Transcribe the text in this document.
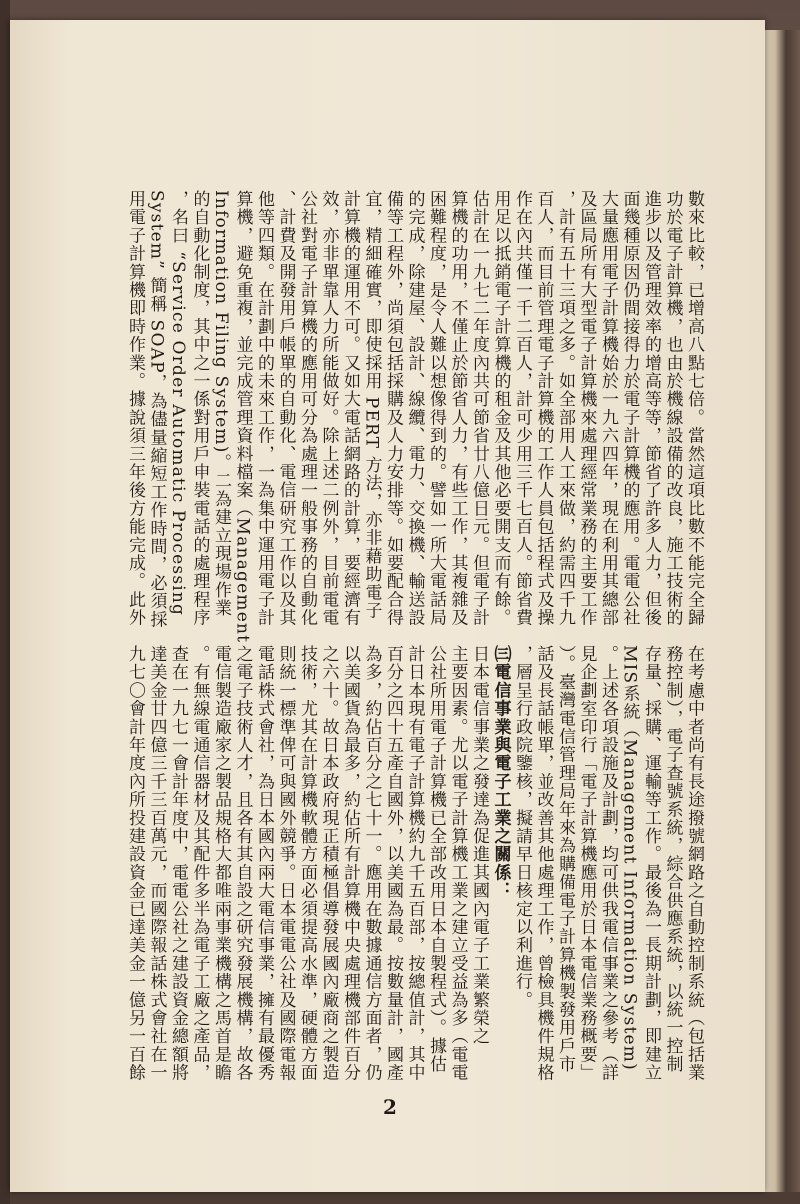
數來比較，已增高八點七倍。當然這項比數不能完全歸
功於電子計算機，也由於機線設備的改良，施工技術的
進步以及管理效率的增高等等，節省了許多人力，但後
面幾種原因仍間接得力於電子計算機的應用。電電公社
大量應用電子計算機始於一九六四年，現在利用其總部
及區局所有大型電子計算機來處理經常業務的主要工作
，計有五十三項之多。如全部用人工來做，約需四千九
百人，而目前管理電子計算機的工作人員包括程式及操
作在內共僅一千二百人，計可少用三千七百人。節省費
用足以抵銷電子計算機的租金及其他必要開支而有餘。
估計在一九七二年度內共可節省廿八億日元。但電子計
算機的功用，不僅止於節省人力，有些工作，其複雜及
困難程度，是令人難以想像得到的。譬如一所大電話局
的完成，除建屋、設計、線纜、電力、交換機、輸送設
備等工程外，尚須包括採購及人力安排等。如要配合得
宜，精細確實，即使採用 PERT 方法，亦非藉助電子
計算機的運用不可。又如大電話網路的計算，要經濟有
效，亦非單靠人力所能做好。除上述二例外，目前電電
公社對電子計算機的應用可分為處理一般事務的自動化
、計費及開發用戶帳單的自動化、電信研究工作以及其
他等四類。在計劃中的未來工作，一為集中運用電子計
算機，避免重複，並完成管理資料檔案（Management
Information Filing System)。二為建立現場作業
的自動化制度，其中之一係對用戶申裝電話的處理程序
，名曰 “Service Order Automatic Processing
System” 簡稱 SOAP，為儘量縮短工作時間，必須採
用電子計算機即時作業。據說須三年後方能完成。此外
在考慮中者尚有長途撥號網路之自動控制系統（包括業
務控制），電子查號系統，綜合供應系統，以統一控制
存量、採購、運輸等工作。最後為一長期計劃，即建立
MIS系統（Management Information System)
。上述各項設施及計劃，均可供我電信事業之參考（詳
見企劃室印行「電子計算機應用於日本電信業務概要」
）。臺灣電信管理局年來為購備電子計算機製發用戶市
話及長話帳單，並改善其他處理工作，曾檢具機件規格
，層呈行政院鑒核，擬請早日核定以利進行。
㈢電信事業與電子工業之關係：
日本電信事業之發達為促進其國內電子工業繁榮之
主要因素。尤以電子計算機工業之建立受益為多（電電
公社所用電子計算機已全部改用日本自製程式）。據估
計日本現有電子計算機約九千五百部，按總值計，其中
百分之四十五產自國外，以美國為最。按數量計，國產
為多，約佔百分之七十一。應用在數據通信方面者，仍
以美國貨為最多，約佔所有計算機中央處理機部件百分
之六十。故日本政府現正積極倡導發展國內廠商之製造
技術，尤其在計算機軟體方面必須提高水準，硬體方面
則統一標準俾可與國外競爭。日本電電公社及國際電報
電話株式會社，為日本國內兩大電信事業，擁有最優秀
之電子技術人才，且各有其自設之研究發展機構，故各
電信製造廠家之製品規格大都唯兩事業機構之馬首是瞻
。有無線電通信器材及其配件多半為電子工廠之產品，
查在一九七一會計年度中，電電公社之建設資金總額將
達美金廿四億三千三百萬元，而國際報話株式會社在一
九七〇會計年度內所投建設資金已達美金一億另一百餘
2
